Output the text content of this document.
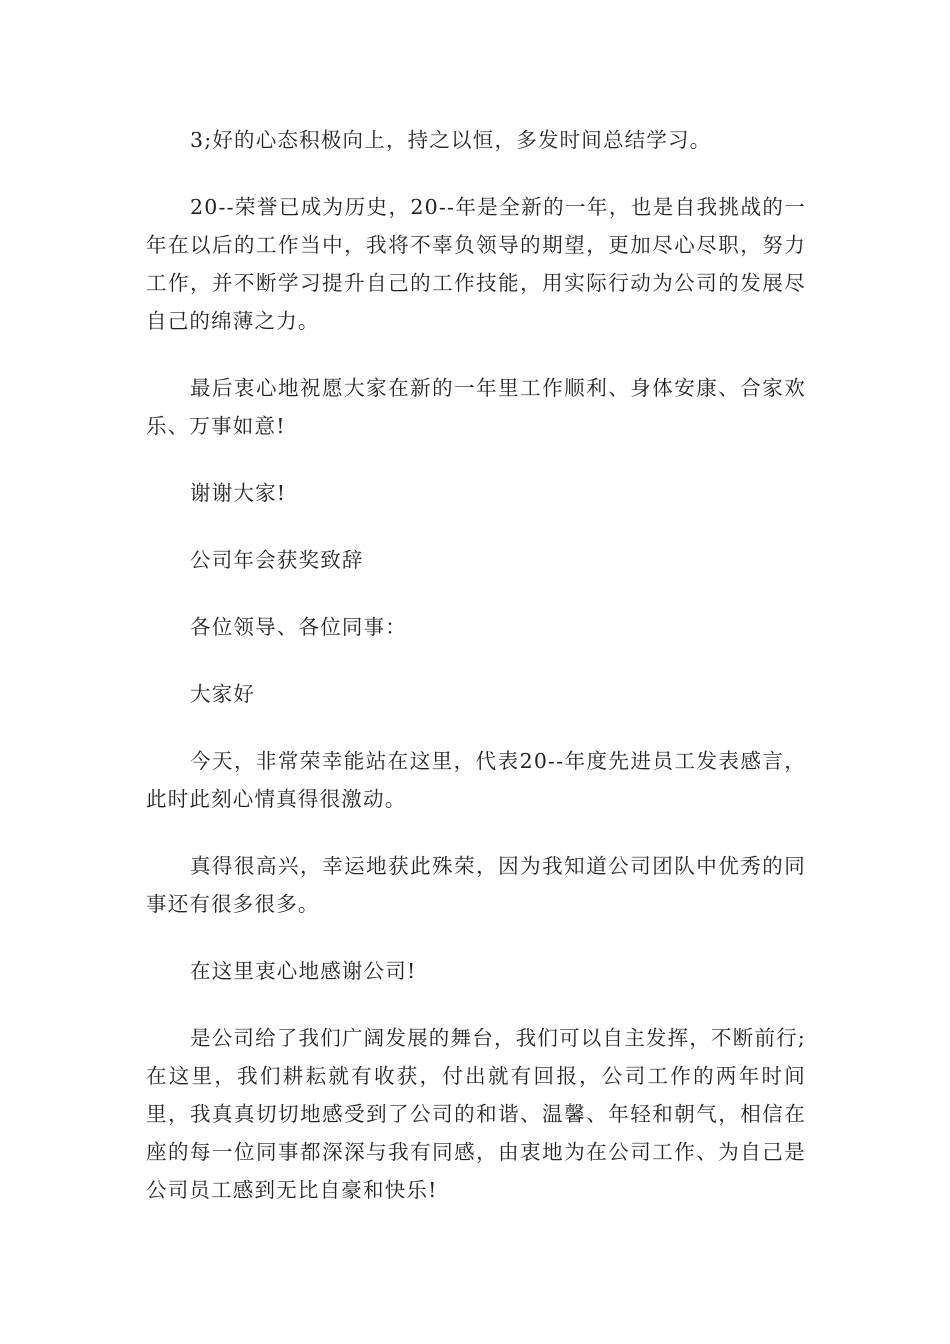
3;好的心态积极向上，持之以恒，多发时间总结学习。

20--荣誉已成为历史，20--年是全新的一年，也是自我挑战的一年在以后的工作当中，我将不辜负领导的期望，更加尽心尽职，努力工作，并不断学习提升自己的工作技能，用实际行动为公司的发展尽自己的绵薄之力。

最后衷心地祝愿大家在新的一年里工作顺利、身体安康、合家欢乐、万事如意!

谢谢大家!

公司年会获奖致辞

各位领导、各位同事：

大家好

今天，非常荣幸能站在这里，代表20--年度先进员工发表感言，此时此刻心情真得很激动。

真得很高兴，幸运地获此殊荣，因为我知道公司团队中优秀的同事还有很多很多。

在这里衷心地感谢公司!

是公司给了我们广阔发展的舞台，我们可以自主发挥，不断前行;在这里，我们耕耘就有收获，付出就有回报，公司工作的两年时间里，我真真切切地感受到了公司的和谐、温馨、年轻和朝气，相信在座的每一位同事都深深与我有同感，由衷地为在公司工作、为自己是公司员工感到无比自豪和快乐!
